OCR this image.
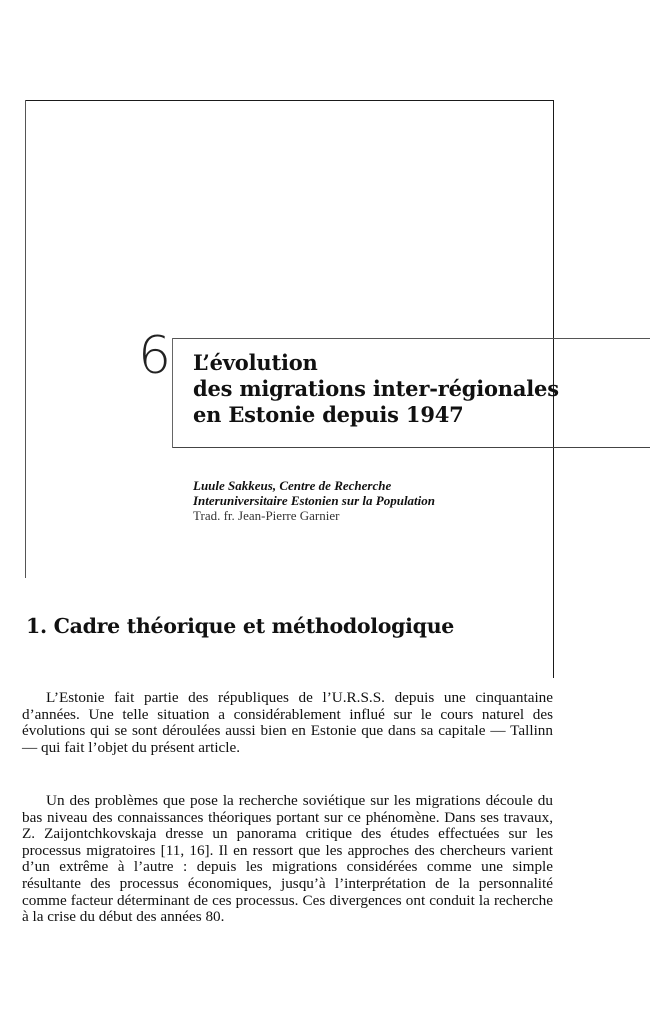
6 L’évolution
des migrations inter-régionales
en Estonie depuis 1947
Luule Sakkeus, Centre de Recherche
Interuniversitaire Estonien sur la Population
Trad. fr. Jean-Pierre Garnier
1. Cadre théorique et méthodologique

L’Estonie fait partie des républiques de l’U.R.S.S. depuis une cinquantaine d’années. Une telle situation a considérablement influé sur le cours naturel des évolutions qui se sont déroulées aussi bien en Estonie que dans sa capitale — Tallinn — qui fait l’objet du présent article.

Un des problèmes que pose la recherche soviétique sur les migrations découle du bas niveau des connaissances théoriques portant sur ce phénomène. Dans ses travaux, Z. Zaijontchkovskaja dresse un panorama critique des études effectuées sur les processus migratoires [11, 16]. Il en ressort que les approches des chercheurs varient d’un extrême à l’autre : depuis les migrations considérées comme une simple résultante des processus économiques, jusqu’à l’interprétation de la personnalité comme facteur déterminant de ces processus. Ces divergences ont conduit la recherche à la crise du début des années 80.
